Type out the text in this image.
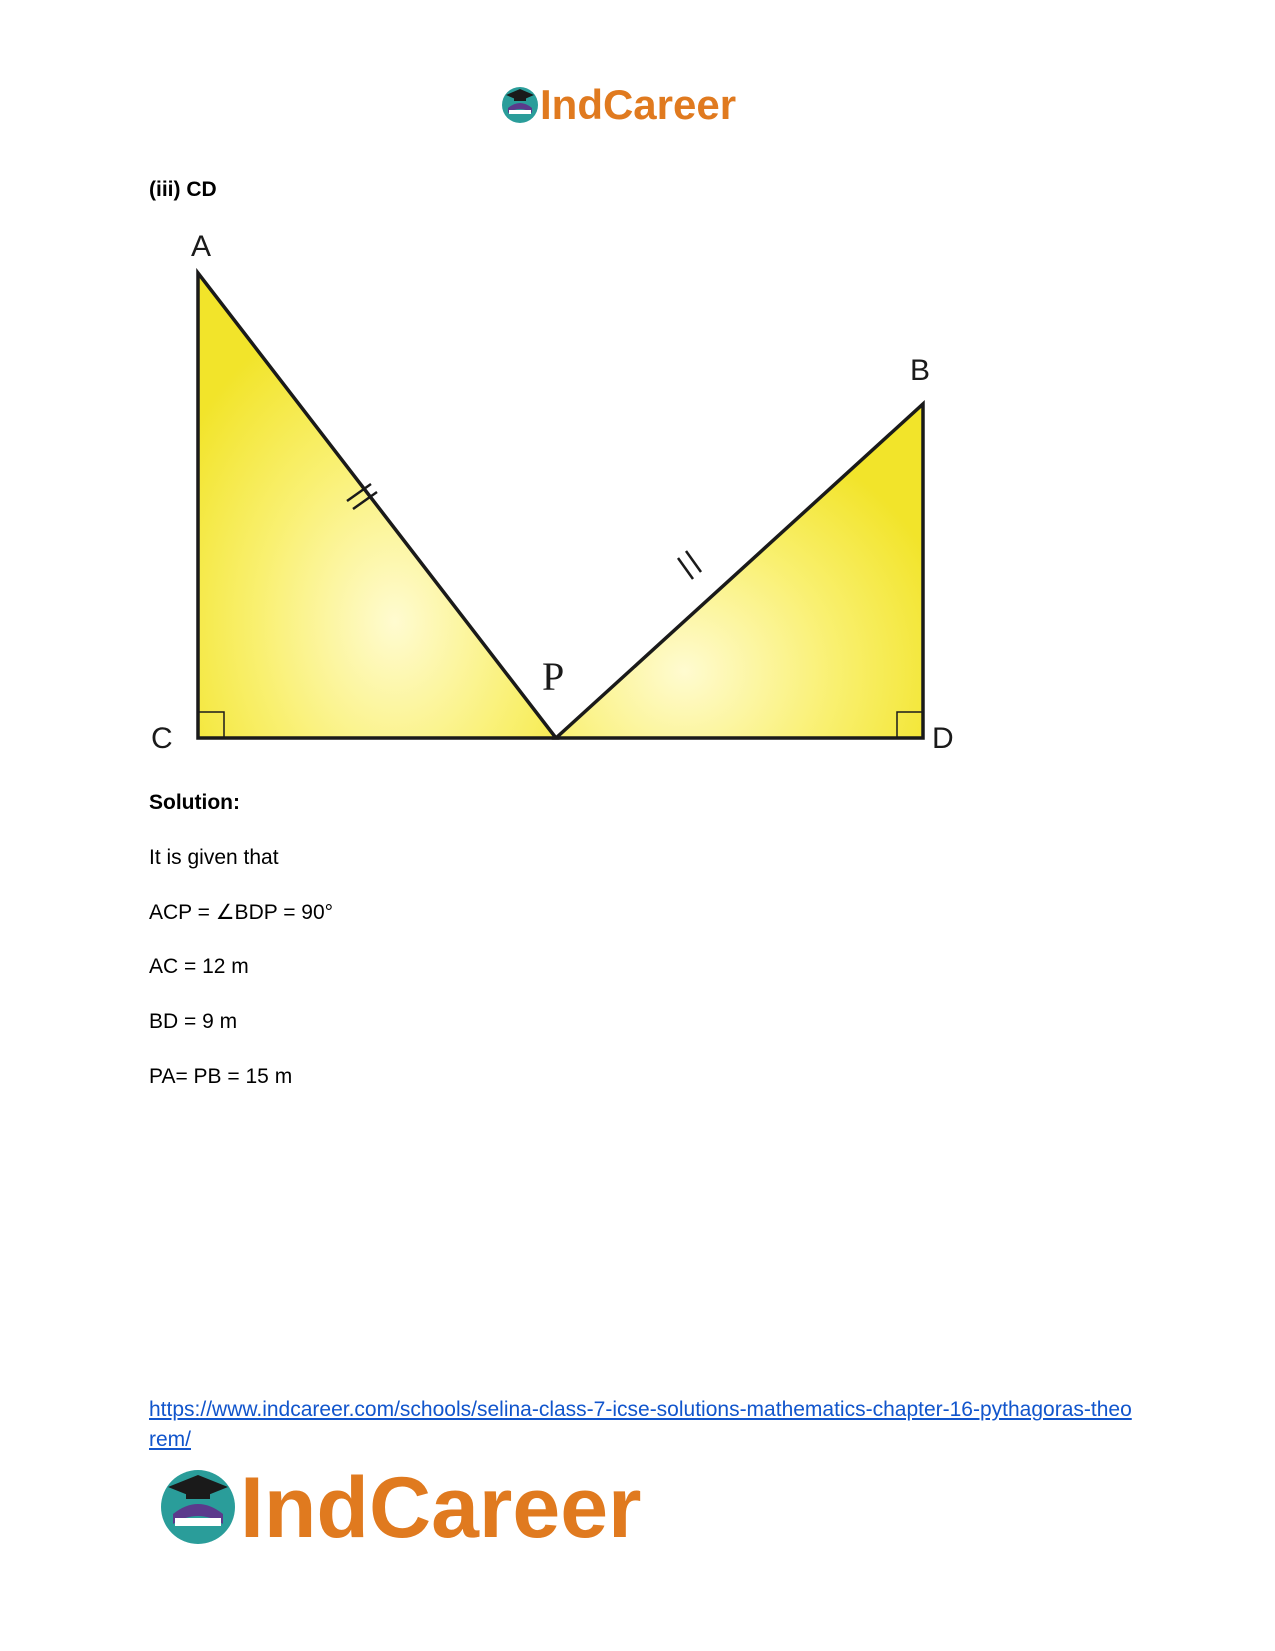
IndCareer

(iii) CD

A
B
C	D
P

Solution:

It is given that

ACP = ∠BDP = 90°

AC = 12 m

BD = 9 m

PA= PB = 15 m

https://www.indcareer.com/schools/selina-class-7-icse-solutions-mathematics-chapter-16-pythagoras-theorem/
IndCareer
